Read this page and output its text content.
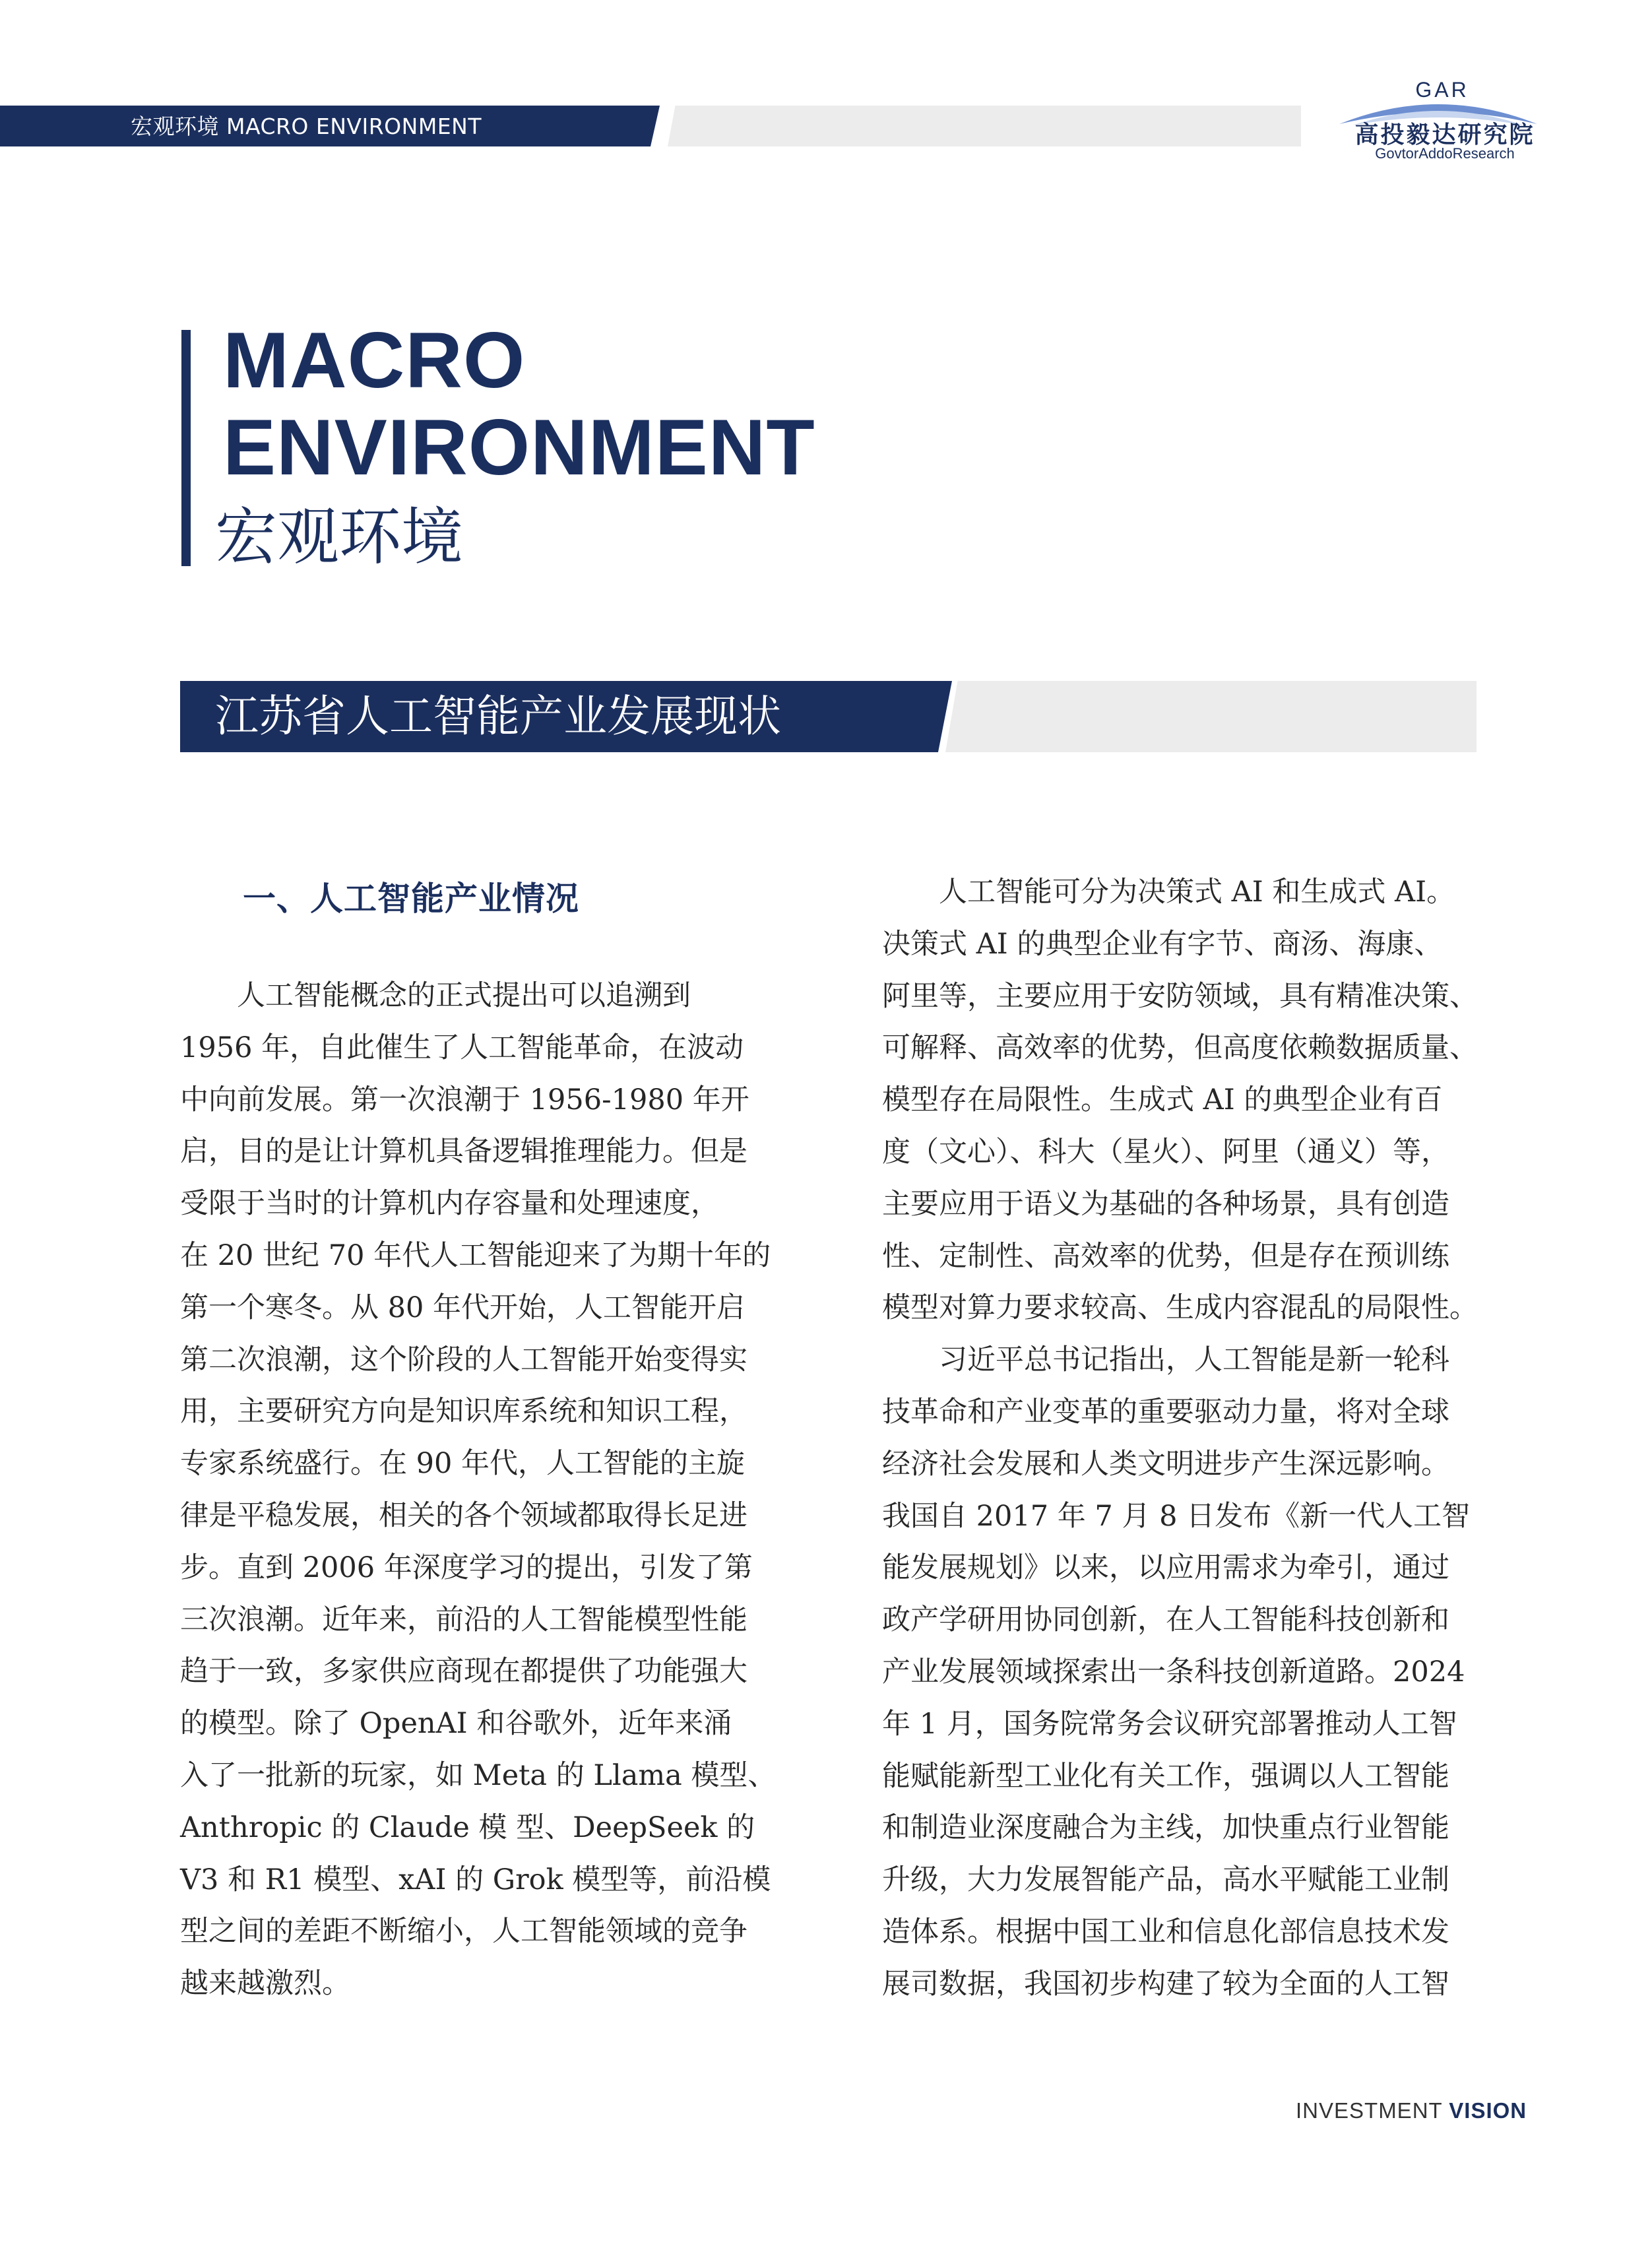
宏观环境 MACRO ENVIRONMENT
GAR
高投毅达研究院
GovtorAddoResearch
MACRO
ENVIRONMENT
宏观环境
江苏省人工智能产业发展现状
一、人工智能产业情况
　　人工智能概念的正式提出可以追溯到
1956 年，自此催生了人工智能革命，在波动
中向前发展。第一次浪潮于 1956-1980 年开
启，目的是让计算机具备逻辑推理能力。但是
受限于当时的计算机内存容量和处理速度，
在 20 世纪 70 年代人工智能迎来了为期十年的
第一个寒冬。从 80 年代开始，人工智能开启
第二次浪潮，这个阶段的人工智能开始变得实
用，主要研究方向是知识库系统和知识工程，
专家系统盛行。在 90 年代，人工智能的主旋
律是平稳发展，相关的各个领域都取得长足进
步。直到 2006 年深度学习的提出，引发了第
三次浪潮。近年来，前沿的人工智能模型性能
趋于一致，多家供应商现在都提供了功能强大
的模型。除了 OpenAI 和谷歌外，近年来涌
入了一批新的玩家，如 Meta 的 Llama 模型、
Anthropic 的 Claude 模 型、DeepSeek 的
V3 和 R1 模型、xAI 的 Grok 模型等，前沿模
型之间的差距不断缩小，人工智能领域的竞争
越来越激烈。
　　人工智能可分为决策式 AI 和生成式 AI。
决策式 AI 的典型企业有字节、商汤、海康、
阿里等，主要应用于安防领域，具有精准决策、
可解释、高效率的优势，但高度依赖数据质量、
模型存在局限性。生成式 AI 的典型企业有百
度（文心）、科大（星火）、阿里（通义）等，
主要应用于语义为基础的各种场景，具有创造
性、定制性、高效率的优势，但是存在预训练
模型对算力要求较高、生成内容混乱的局限性。
　　习近平总书记指出，人工智能是新一轮科
技革命和产业变革的重要驱动力量，将对全球
经济社会发展和人类文明进步产生深远影响。
我国自 2017 年 7 月 8 日发布《新一代人工智
能发展规划》以来，以应用需求为牵引，通过
政产学研用协同创新，在人工智能科技创新和
产业发展领域探索出一条科技创新道路。2024
年 1 月，国务院常务会议研究部署推动人工智
能赋能新型工业化有关工作，强调以人工智能
和制造业深度融合为主线，加快重点行业智能
升级，大力发展智能产品，高水平赋能工业制
造体系。根据中国工业和信息化部信息技术发
展司数据，我国初步构建了较为全面的人工智
INVESTMENT VISION
